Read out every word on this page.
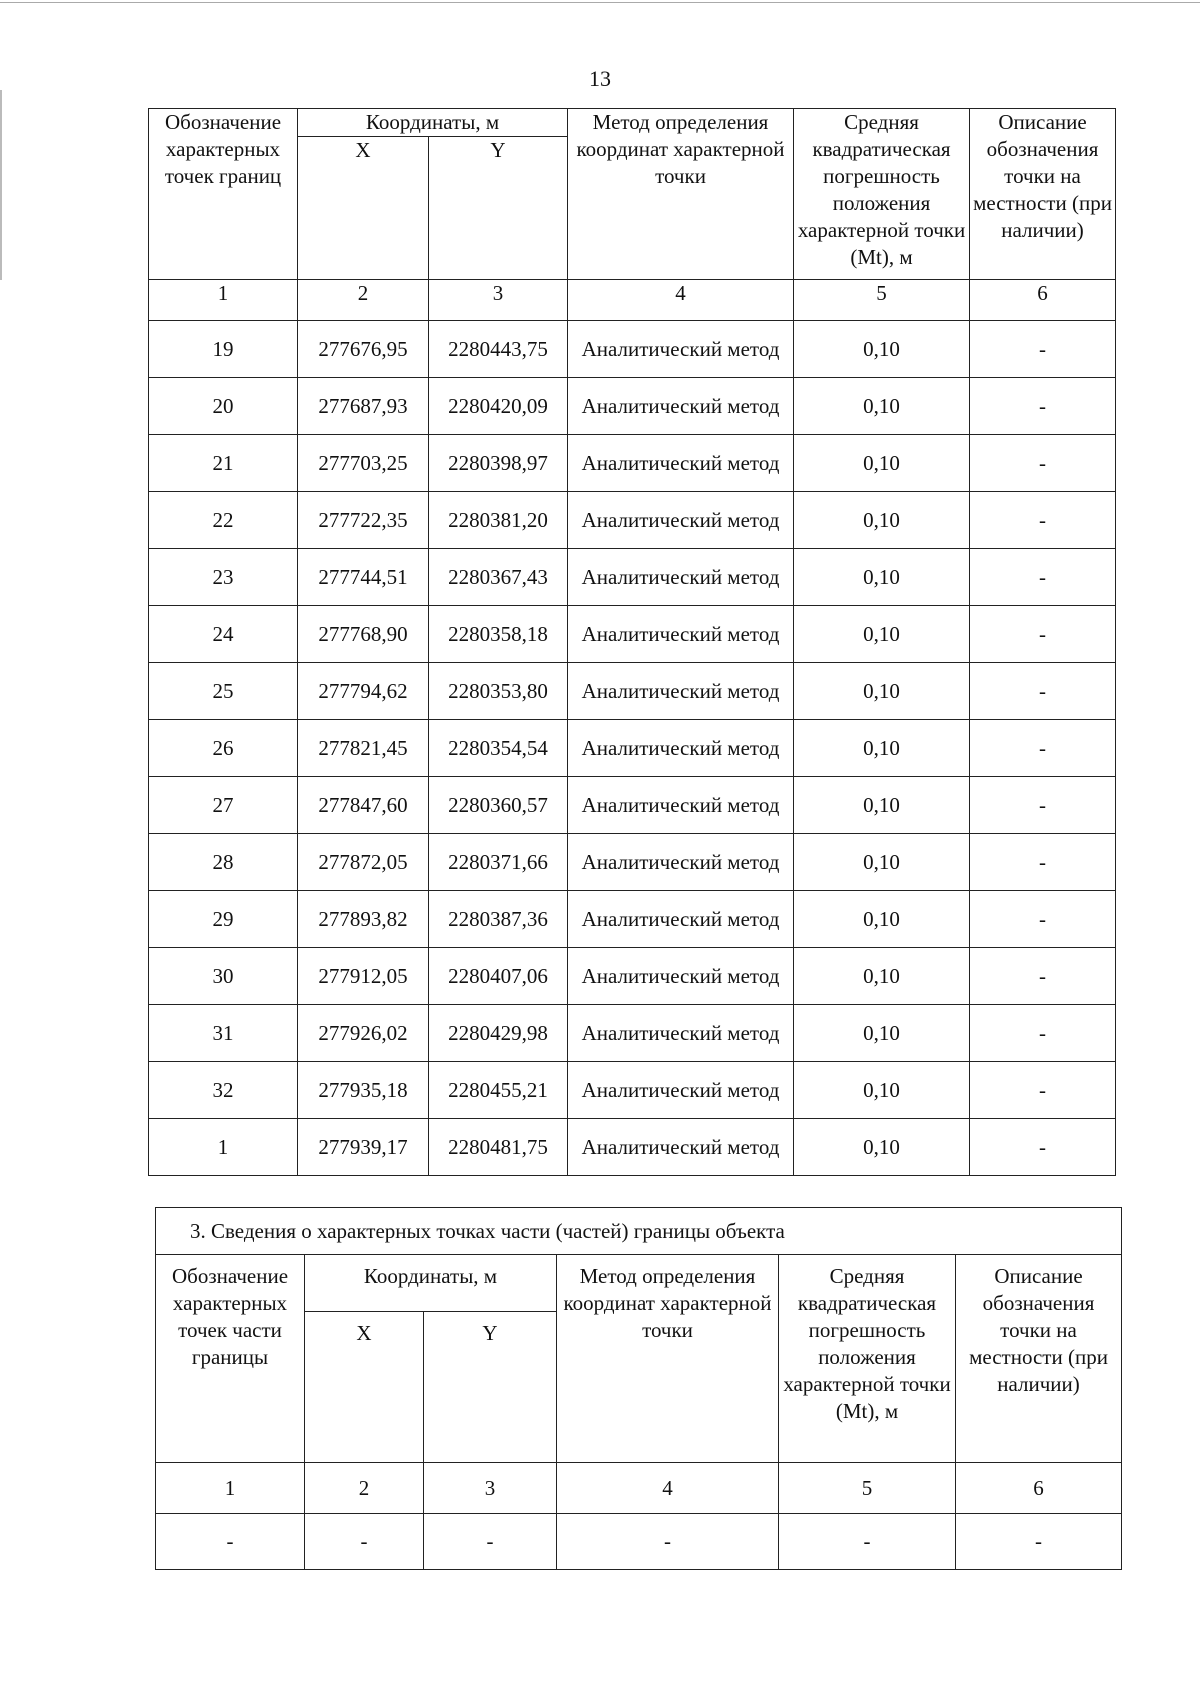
13
Обозначение характерных точек границ	Координаты, м		Метод определения координат характерной точки	Средняя квадратическая погрешность положения характерной точки (Mt), м	Описание обозначения точки на местности (при наличии)
	X	Y			
1	2	3	4	5	6
19	277676,95	2280443,75	Аналитический метод	0,10	-
20	277687,93	2280420,09	Аналитический метод	0,10	-
21	277703,25	2280398,97	Аналитический метод	0,10	-
22	277722,35	2280381,20	Аналитический метод	0,10	-
23	277744,51	2280367,43	Аналитический метод	0,10	-
24	277768,90	2280358,18	Аналитический метод	0,10	-
25	277794,62	2280353,80	Аналитический метод	0,10	-
26	277821,45	2280354,54	Аналитический метод	0,10	-
27	277847,60	2280360,57	Аналитический метод	0,10	-
28	277872,05	2280371,66	Аналитический метод	0,10	-
29	277893,82	2280387,36	Аналитический метод	0,10	-
30	277912,05	2280407,06	Аналитический метод	0,10	-
31	277926,02	2280429,98	Аналитический метод	0,10	-
32	277935,18	2280455,21	Аналитический метод	0,10	-
1	277939,17	2280481,75	Аналитический метод	0,10	-
3. Сведения о характерных точках части (частей) границы объекта					
Обозначение характерных точек части границы	Координаты, м		Метод определения координат характерной точки	Средняя квадратическая погрешность положения характерной точки (Mt), м	Описание обозначения точки на местности (при наличии)
	X	Y			
1	2	3	4	5	6
-	-	-	-	-	-
